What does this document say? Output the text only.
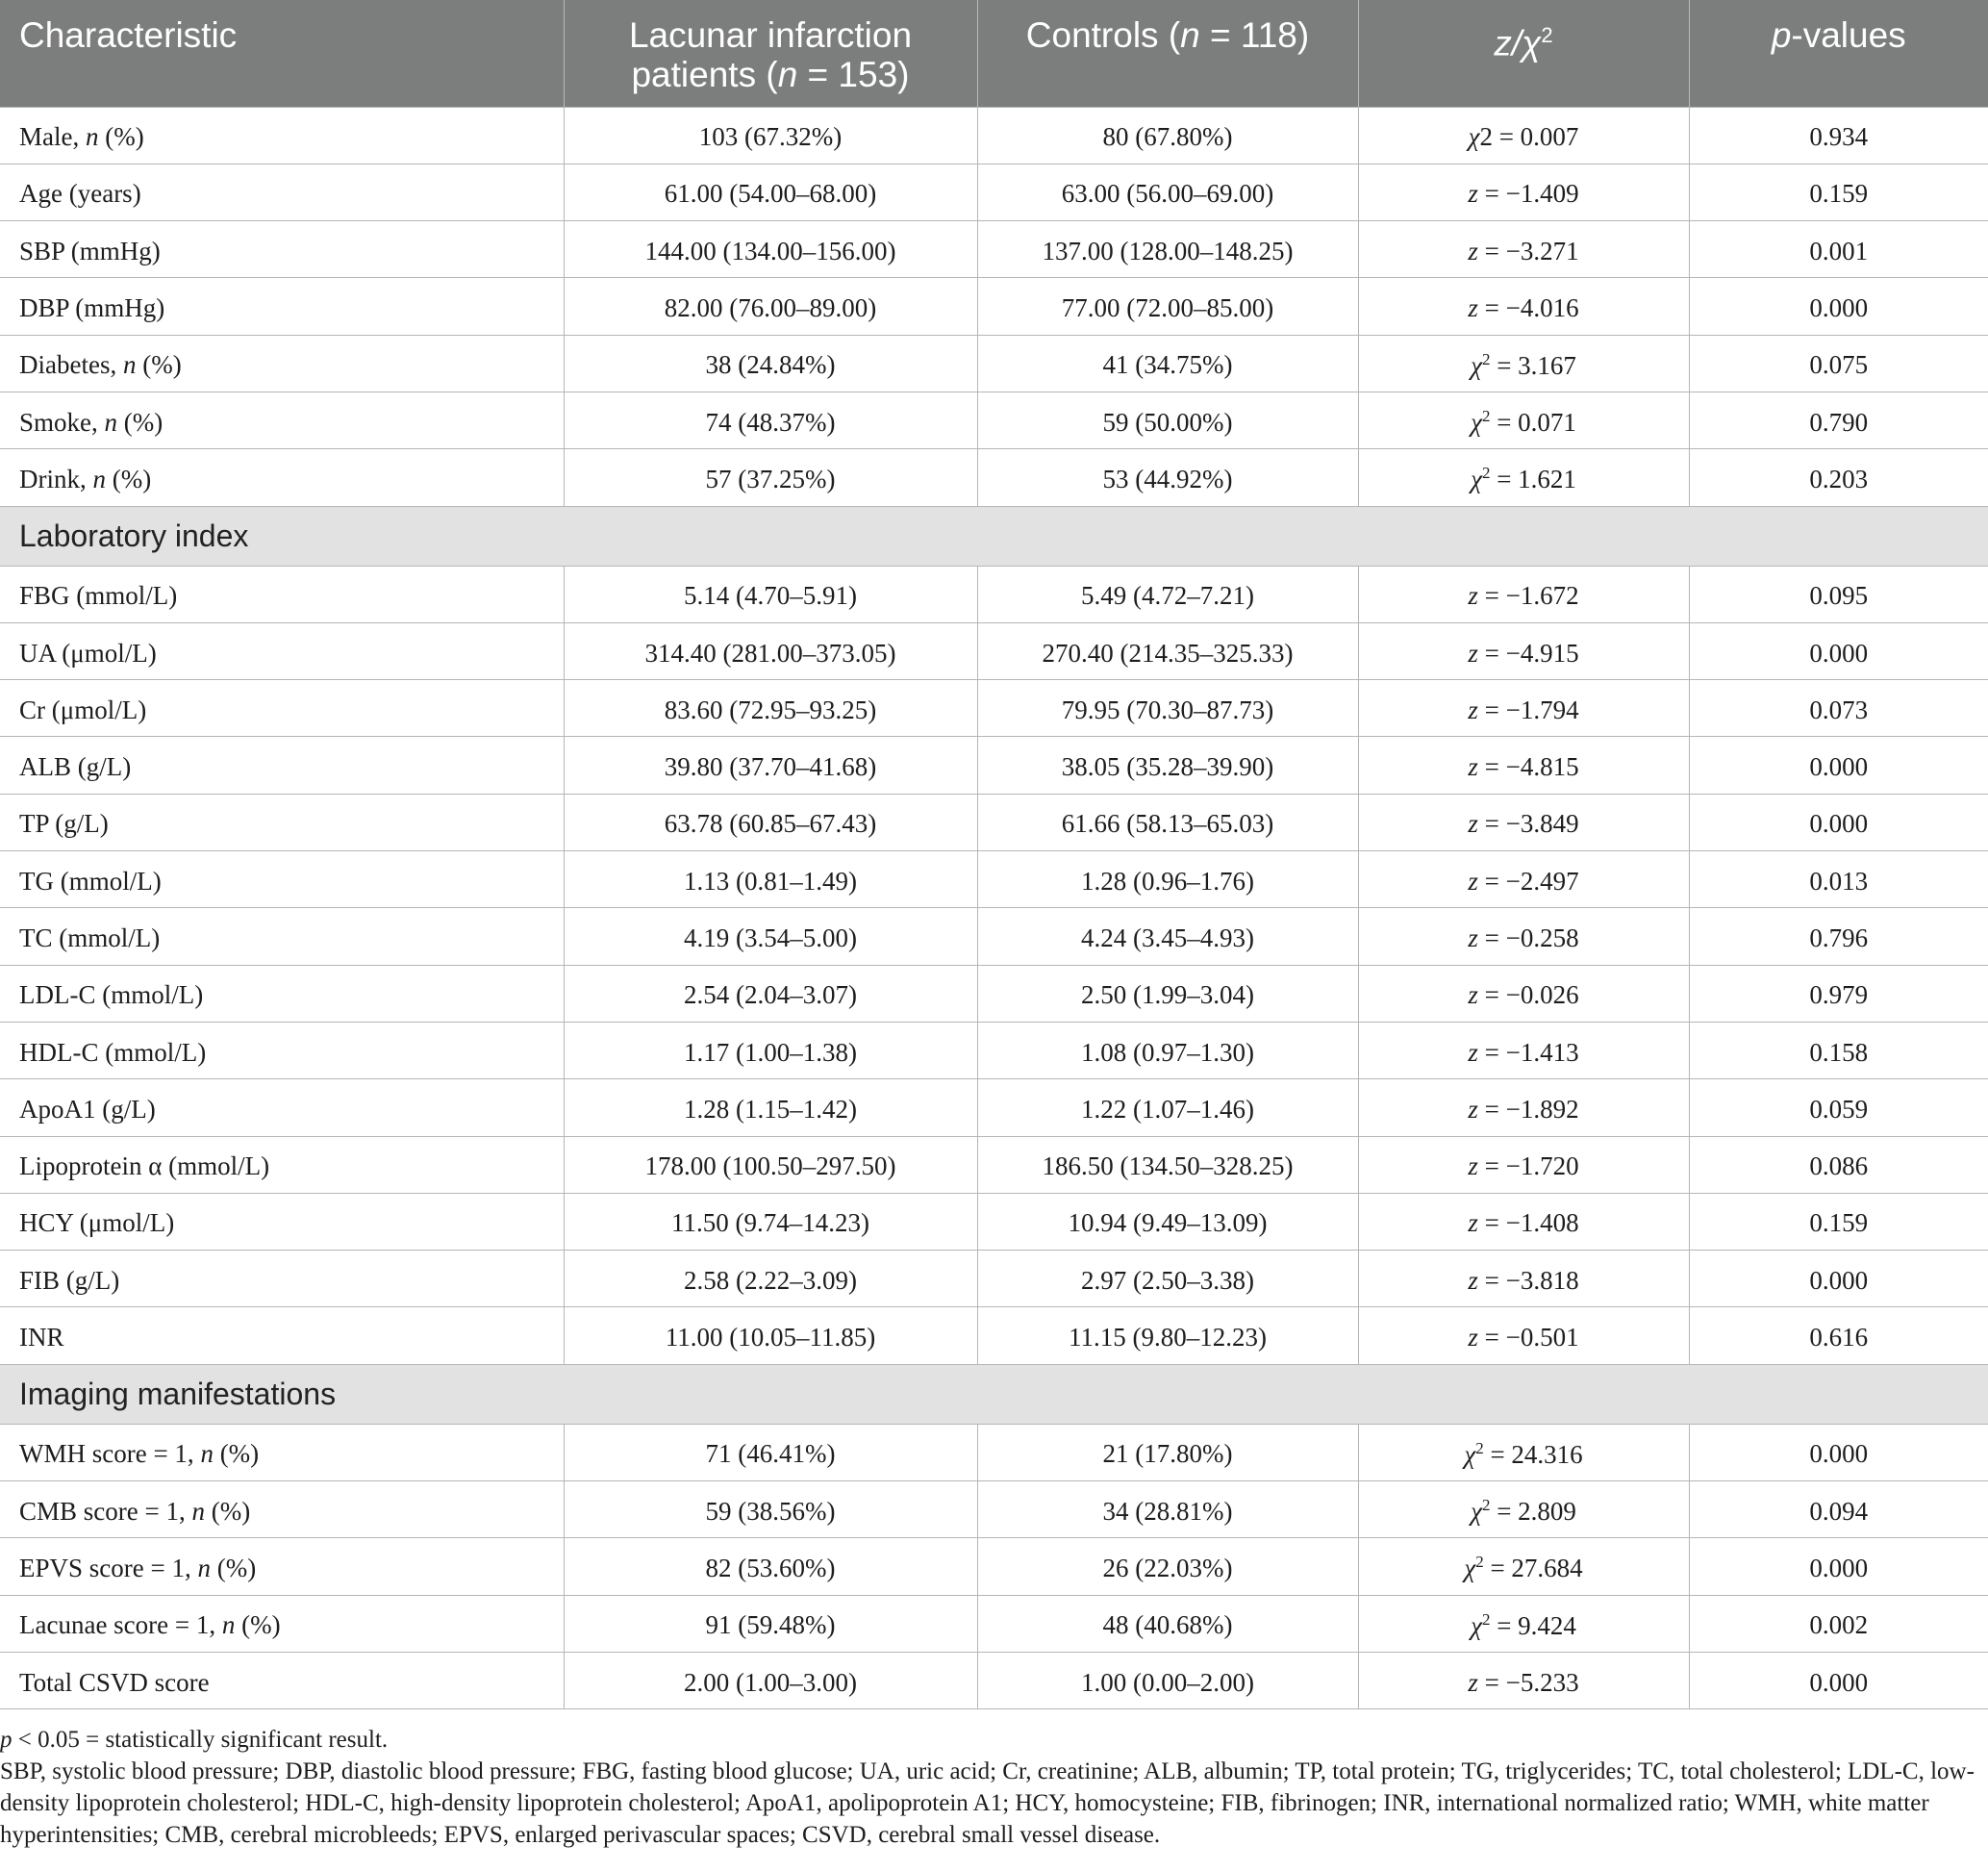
Characteristic	Lacunar infarction patients (n = 153)	Controls (n = 118)	$z/\chi^2$	p-values
Male, n (%)	103 (67.32%)	80 (67.80%)	χ2 = 0.007	0.934
Age (years)	61.00 (54.00–68.00)	63.00 (56.00–69.00)	z = −1.409	0.159
SBP (mmHg)	144.00 (134.00–156.00)	137.00 (128.00–148.25)	z = −3.271	0.001
DBP (mmHg)	82.00 (76.00–89.00)	77.00 (72.00–85.00)	z = −4.016	0.000
Diabetes, n (%)	38 (24.84%)	41 (34.75%)	$\chi^2 = 3.167$	0.075
Smoke, n (%)	74 (48.37%)	59 (50.00%)	$\chi^2 = 0.071$	0.790
Drink, n (%)	57 (37.25%)	53 (44.92%)	$\chi^2 = 1.621$	0.203
Laboratory index				
FBG (mmol/L)	5.14 (4.70–5.91)	5.49 (4.72–7.21)	z = −1.672	0.095
UA (μmol/L)	314.40 (281.00–373.05)	270.40 (214.35–325.33)	z = −4.915	0.000
Cr (μmol/L)	83.60 (72.95–93.25)	79.95 (70.30–87.73)	z = −1.794	0.073
ALB (g/L)	39.80 (37.70–41.68)	38.05 (35.28–39.90)	z = −4.815	0.000
TP (g/L)	63.78 (60.85–67.43)	61.66 (58.13–65.03)	z = −3.849	0.000
TG (mmol/L)	1.13 (0.81–1.49)	1.28 (0.96–1.76)	z = −2.497	0.013
TC (mmol/L)	4.19 (3.54–5.00)	4.24 (3.45–4.93)	z = −0.258	0.796
LDL-C (mmol/L)	2.54 (2.04–3.07)	2.50 (1.99–3.04)	z = −0.026	0.979
HDL-C (mmol/L)	1.17 (1.00–1.38)	1.08 (0.97–1.30)	z = −1.413	0.158
ApoA1 (g/L)	1.28 (1.15–1.42)	1.22 (1.07–1.46)	z = −1.892	0.059
Lipoprotein α (mmol/L)	178.00 (100.50–297.50)	186.50 (134.50–328.25)	z = −1.720	0.086
HCY (μmol/L)	11.50 (9.74–14.23)	10.94 (9.49–13.09)	z = −1.408	0.159
FIB (g/L)	2.58 (2.22–3.09)	2.97 (2.50–3.38)	z = −3.818	0.000
INR	11.00 (10.05–11.85)	11.15 (9.80–12.23)	z = −0.501	0.616
Imaging manifestations				
WMH score = 1, n (%)	71 (46.41%)	21 (17.80%)	$\chi^2 = 24.316$	0.000
CMB score = 1, n (%)	59 (38.56%)	34 (28.81%)	$\chi^2 = 2.809$	0.094
EPVS score = 1, n (%)	82 (53.60%)	26 (22.03%)	$\chi^2 = 27.684$	0.000
Lacunae score = 1, n (%)	91 (59.48%)	48 (40.68%)	$\chi^2 = 9.424$	0.002
Total CSVD score	2.00 (1.00–3.00)	1.00 (0.00–2.00)	z = −5.233	0.000

p < 0.05 = statistically significant result.

SBP, systolic blood pressure; DBP, diastolic blood pressure; FBG, fasting blood glucose; UA, uric acid; Cr, creatinine; ALB, albumin; TP, total protein; TG, triglycerides; TC, total cholesterol; LDL-C, low-density lipoprotein cholesterol; HDL-C, high-density lipoprotein cholesterol; ApoA1, apolipoprotein A1; HCY, homocysteine; FIB, fibrinogen; INR, international normalized ratio; WMH, white matter hyperintensities; CMB, cerebral microbleeds; EPVS, enlarged perivascular spaces; CSVD, cerebral small vessel disease.
